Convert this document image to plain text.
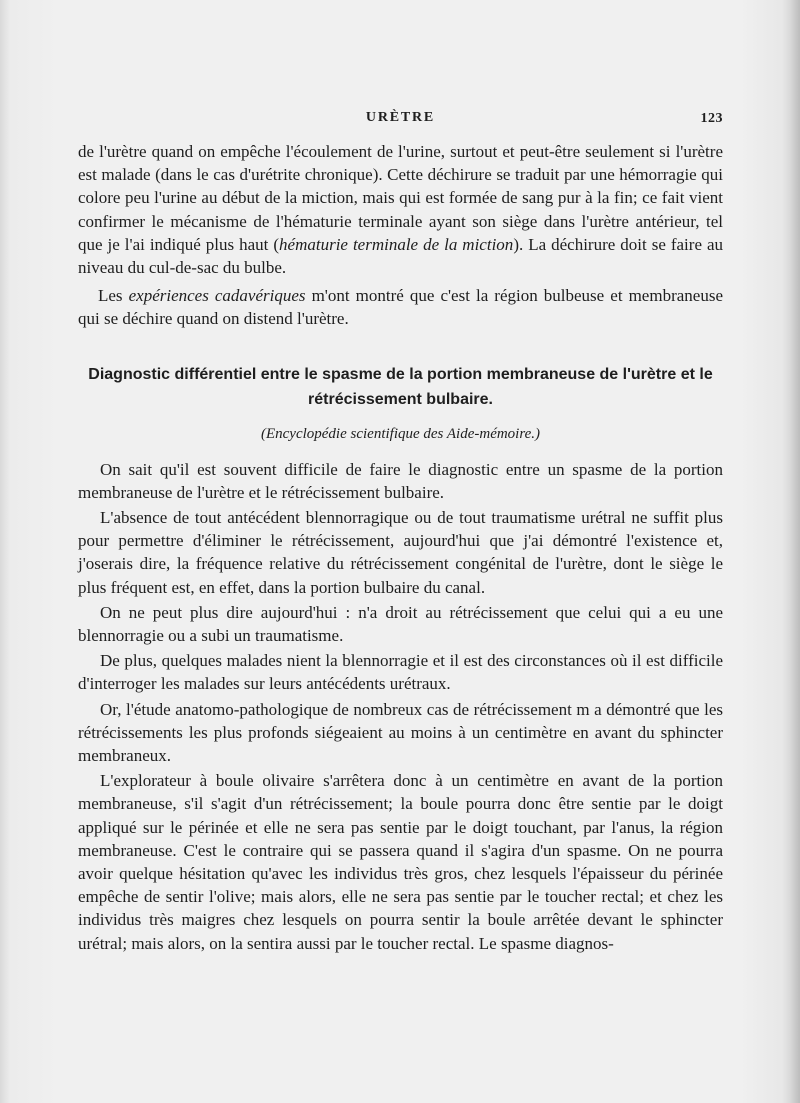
URÈTRE	123

de l'urètre quand on empêche l'écoulement de l'urine, surtout et peut-être seulement si l'urètre est malade (dans le cas d'urétrite chronique). Cette déchirure se traduit par une hémorragie qui colore peu l'urine au début de la miction, mais qui est formée de sang pur à la fin; ce fait vient confirmer le mécanisme de l'hématurie terminale ayant son siège dans l'urètre antérieur, tel que je l'ai indiqué plus haut (hématurie terminale de la miction). La déchirure doit se faire au niveau du cul-de-sac du bulbe.

Les expériences cadavériques m'ont montré que c'est la région bulbeuse et membraneuse qui se déchire quand on distend l'urètre.

Diagnostic différentiel entre le spasme de la portion membraneuse de l'urètre et le rétrécissement bulbaire.
(Encyclopédie scientifique des Aide-mémoire.)

On sait qu'il est souvent difficile de faire le diagnostic entre un spasme de la portion membraneuse de l'urètre et le rétrécissement bulbaire.

L'absence de tout antécédent blennorragique ou de tout traumatisme urétral ne suffit plus pour permettre d'éliminer le rétrécissement, aujourd'hui que j'ai démontré l'existence et, j'oserais dire, la fréquence relative du rétrécissement congénital de l'urètre, dont le siège le plus fréquent est, en effet, dans la portion bulbaire du canal.

On ne peut plus dire aujourd'hui : n'a droit au rétrécissement que celui qui a eu une blennorragie ou a subi un traumatisme.

De plus, quelques malades nient la blennorragie et il est des circonstances où il est difficile d'interroger les malades sur leurs antécédents urétraux.

Or, l'étude anatomo-pathologique de nombreux cas de rétrécissement m a démontré que les rétrécissements les plus profonds siégeaient au moins à un centimètre en avant du sphincter membraneux.

L'explorateur à boule olivaire s'arrêtera donc à un centimètre en avant de la portion membraneuse, s'il s'agit d'un rétrécissement; la boule pourra donc être sentie par le doigt appliqué sur le périnée et elle ne sera pas sentie par le doigt touchant, par l'anus, la région membraneuse. C'est le contraire qui se passera quand il s'agira d'un spasme. On ne pourra avoir quelque hésitation qu'avec les individus très gros, chez lesquels l'épaisseur du périnée empêche de sentir l'olive; mais alors, elle ne sera pas sentie par le toucher rectal; et chez les individus très maigres chez lesquels on pourra sentir la boule arrêtée devant le sphincter urétral; mais alors, on la sentira aussi par le toucher rectal. Le spasme diagnos-
